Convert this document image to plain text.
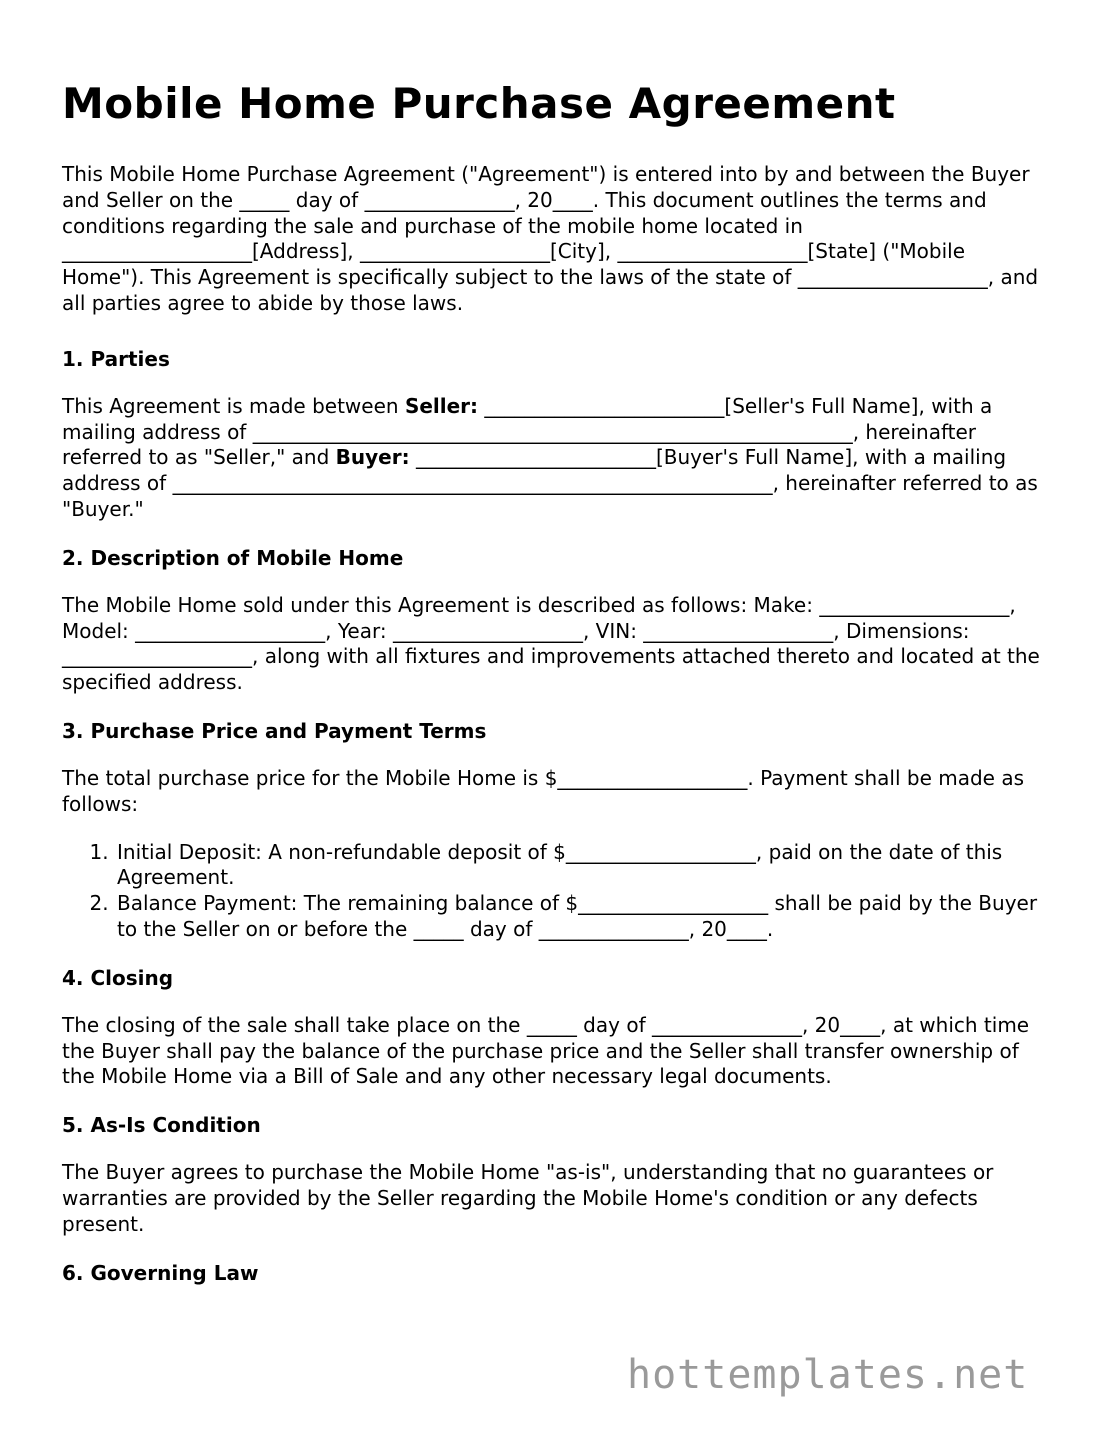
Mobile Home Purchase Agreement

This Mobile Home Purchase Agreement ("Agreement") is entered into by and between the Buyer and Seller on the _____ day of _______________, 20____. This document outlines the terms and conditions regarding the sale and purchase of the mobile home located in ___________________[Address], ___________________[City], ___________________[State] ("Mobile Home"). This Agreement is specifically subject to the laws of the state of ___________________, and all parties agree to abide by those laws.

1. Parties

This Agreement is made between Seller: ________________________[Seller's Full Name], with a mailing address of ____________________________________________________________, hereinafter referred to as "Seller," and Buyer: ________________________[Buyer's Full Name], with a mailing address of ____________________________________________________________, hereinafter referred to as "Buyer."

2. Description of Mobile Home

The Mobile Home sold under this Agreement is described as follows: Make: ___________________, Model: ___________________, Year: ___________________, VIN: ___________________, Dimensions: ___________________, along with all fixtures and improvements attached thereto and located at the specified address.

3. Purchase Price and Payment Terms

The total purchase price for the Mobile Home is $___________________. Payment shall be made as follows:

1. Initial Deposit: A non-refundable deposit of $___________________, paid on the date of this Agreement.
2. Balance Payment: The remaining balance of $___________________ shall be paid by the Buyer to the Seller on or before the _____ day of _______________, 20____.
4. Closing

The closing of the sale shall take place on the _____ day of _______________, 20____, at which time the Buyer shall pay the balance of the purchase price and the Seller shall transfer ownership of the Mobile Home via a Bill of Sale and any other necessary legal documents.

5. As-Is Condition

The Buyer agrees to purchase the Mobile Home "as-is", understanding that no guarantees or warranties are provided by the Seller regarding the Mobile Home's condition or any defects present.

6. Governing Law
hottemplates.net
